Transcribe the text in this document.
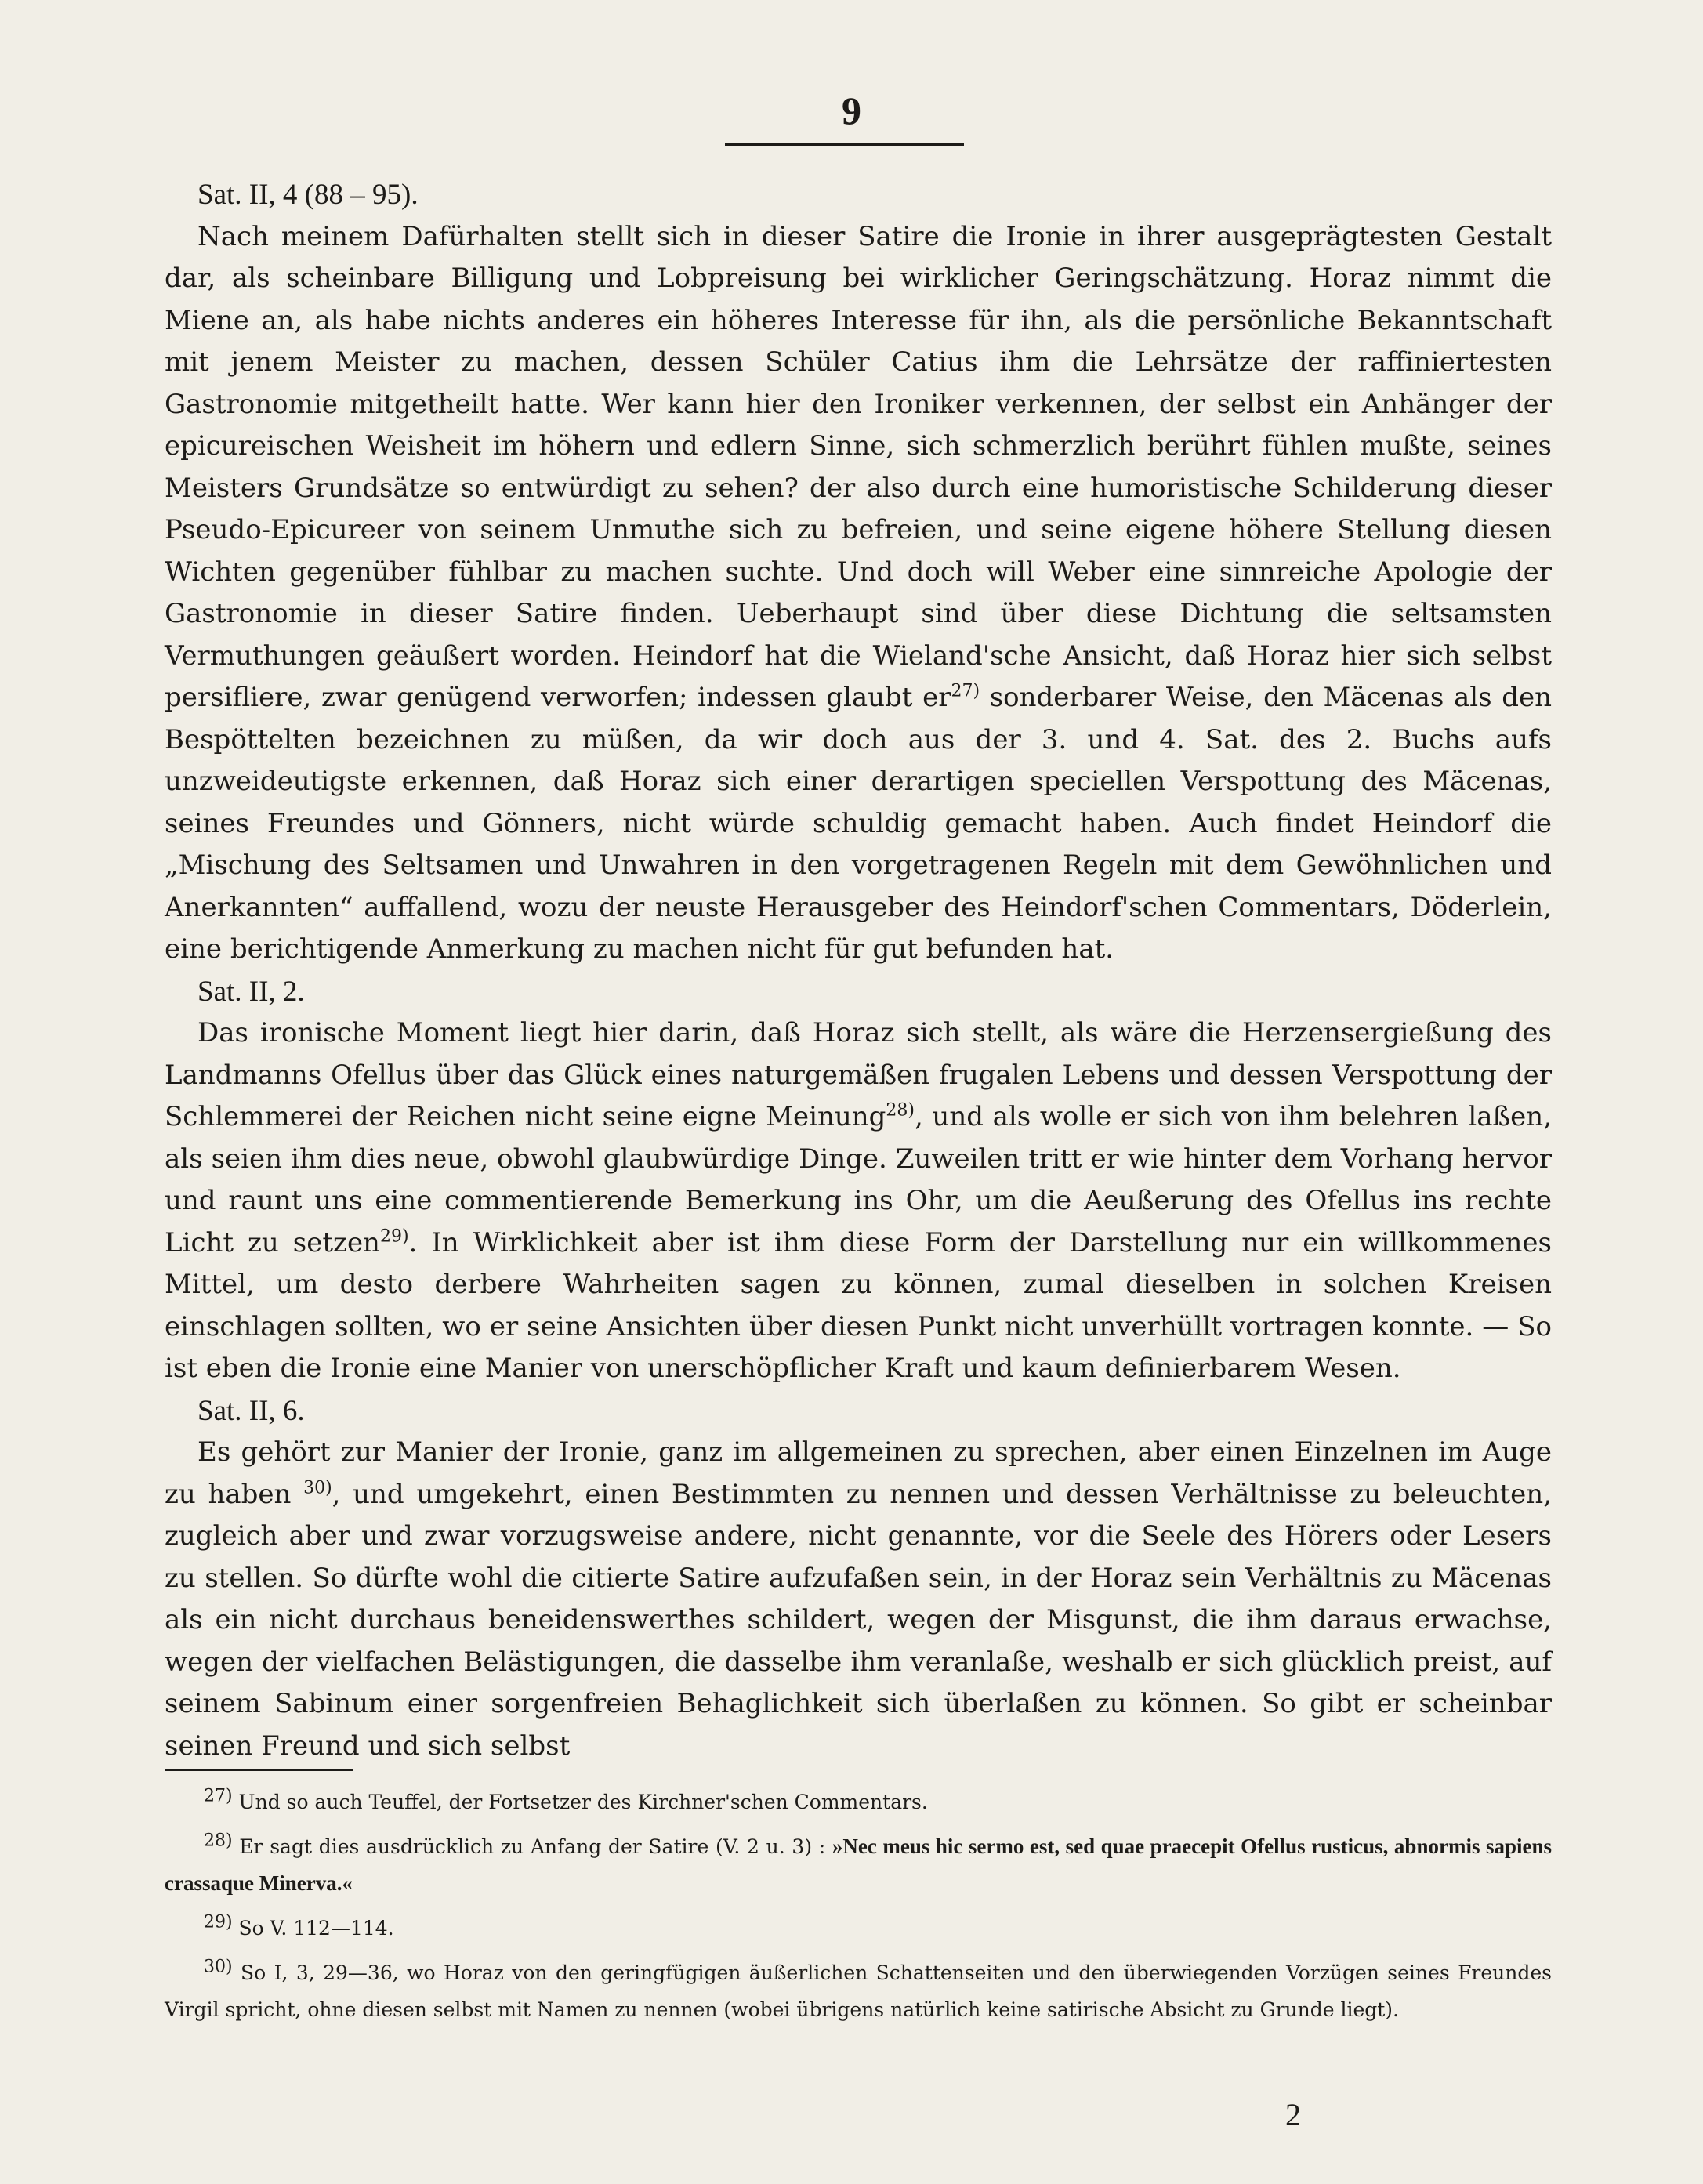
9

Sat. II, 4 (88 – 95).

Nach meinem Dafürhalten stellt sich in dieser Satire die Ironie in ihrer ausgeprägtesten Gestalt dar, als scheinbare Billigung und Lobpreisung bei wirklicher Geringschätzung. Horaz nimmt die Miene an, als habe nichts anderes ein höheres Interesse für ihn, als die persönliche Bekanntschaft mit jenem Meister zu machen, dessen Schüler Catius ihm die Lehrsätze der raffiniertesten Gastronomie mitgetheilt hatte. Wer kann hier den Ironiker verkennen, der selbst ein Anhänger der epicureischen Weisheit im höhern und edlern Sinne, sich schmerzlich berührt fühlen mußte, seines Meisters Grundsätze so entwürdigt zu sehen? der also durch eine humoristische Schilderung dieser Pseudo-Epicureer von seinem Unmuthe sich zu befreien, und seine eigene höhere Stellung diesen Wichten gegenüber fühlbar zu machen suchte. Und doch will Weber eine sinnreiche Apologie der Gastronomie in dieser Satire finden. Ueberhaupt sind über diese Dichtung die seltsamsten Vermuthungen geäußert worden. Heindorf hat die Wieland'sche Ansicht, daß Horaz hier sich selbst persifliere, zwar genügend verworfen; indessen glaubt $er^{27)}$ sonderbarer Weise, den Mäcenas als den Bespöttelten bezeichnen zu müßen, da wir doch aus der 3. und 4. Sat. des 2. Buchs aufs unzweideutigste erkennen, daß Horaz sich einer derartigen speciellen Verspottung des Mäcenas, seines Freundes und Gönners, nicht würde schuldig gemacht haben. Auch findet Heindorf die „Mischung des Seltsamen und Unwahren in den vorgetragenen Regeln mit dem Gewöhnlichen und Anerkannten“ auffallend, wozu der neuste Herausgeber des Heindorf'schen Commentars, Döderlein, eine berichtigende Anmerkung zu machen nicht für gut befunden hat.

Sat. II, 2.

Das ironische Moment liegt hier darin, daß Horaz sich stellt, als wäre die Herzensergießung des Landmanns Ofellus über das Glück eines naturgemäßen frugalen Lebens und dessen Verspottung der Schlemmerei der Reichen nicht seine eigne Meinung$^{28)}$, und als wolle er sich von ihm belehren laßen, als seien ihm dies neue, obwohl glaubwürdige Dinge. Zuweilen tritt er wie hinter dem Vorhang hervor und raunt uns eine commentierende Bemerkung ins Ohr, um die Aeußerung des Ofellus ins rechte Licht zu setzen$^{29)}$. In Wirklichkeit aber ist ihm diese Form der Darstellung nur ein willkommenes Mittel, um desto derbere Wahrheiten sagen zu können, zumal dieselben in solchen Kreisen einschlagen sollten, wo er seine Ansichten über diesen Punkt nicht unverhüllt vortragen konnte. — So ist eben die Ironie eine Manier von unerschöpflicher Kraft und kaum definierbarem Wesen.

Sat. II, 6.

Es gehört zur Manier der Ironie, ganz im allgemeinen zu sprechen, aber einen Einzelnen im Auge zu haben $^{30)}$, und umgekehrt, einen Bestimmten zu nennen und dessen Verhältnisse zu beleuchten, zugleich aber und zwar vorzugsweise andere, nicht genannte, vor die Seele des Hörers oder Lesers zu stellen. So dürfte wohl die citierte Satire aufzufaßen sein, in der Horaz sein Verhältnis zu Mäcenas als ein nicht durchaus beneidenswerthes schildert, wegen der Misgunst, die ihm daraus erwachse, wegen der vielfachen Belästigungen, die dasselbe ihm veranlaße, weshalb er sich glücklich preist, auf seinem Sabinum einer sorgenfreien Behaglichkeit sich überlaßen zu können. So gibt er scheinbar seinen Freund und sich selbst

$^{27)}$ Und so auch Teuffel, der Fortsetzer des Kirchner'schen Commentars.

$^{28)}$ Er sagt dies ausdrücklich zu Anfang der Satire (V. 2 u. 3) : »Nec meus hic sermo est, sed quae praecepit Ofellus rusticus, abnormis sapiens crassaque Minerva.«

$^{29)}$ So V. 112—114.

$^{30)}$ So I, 3, 29—36, wo Horaz von den geringfügigen äußerlichen Schattenseiten und den überwiegenden Vorzügen seines Freundes Virgil spricht, ohne diesen selbst mit Namen zu nennen (wobei übrigens natürlich keine satirische Absicht zu Grunde liegt).

2
